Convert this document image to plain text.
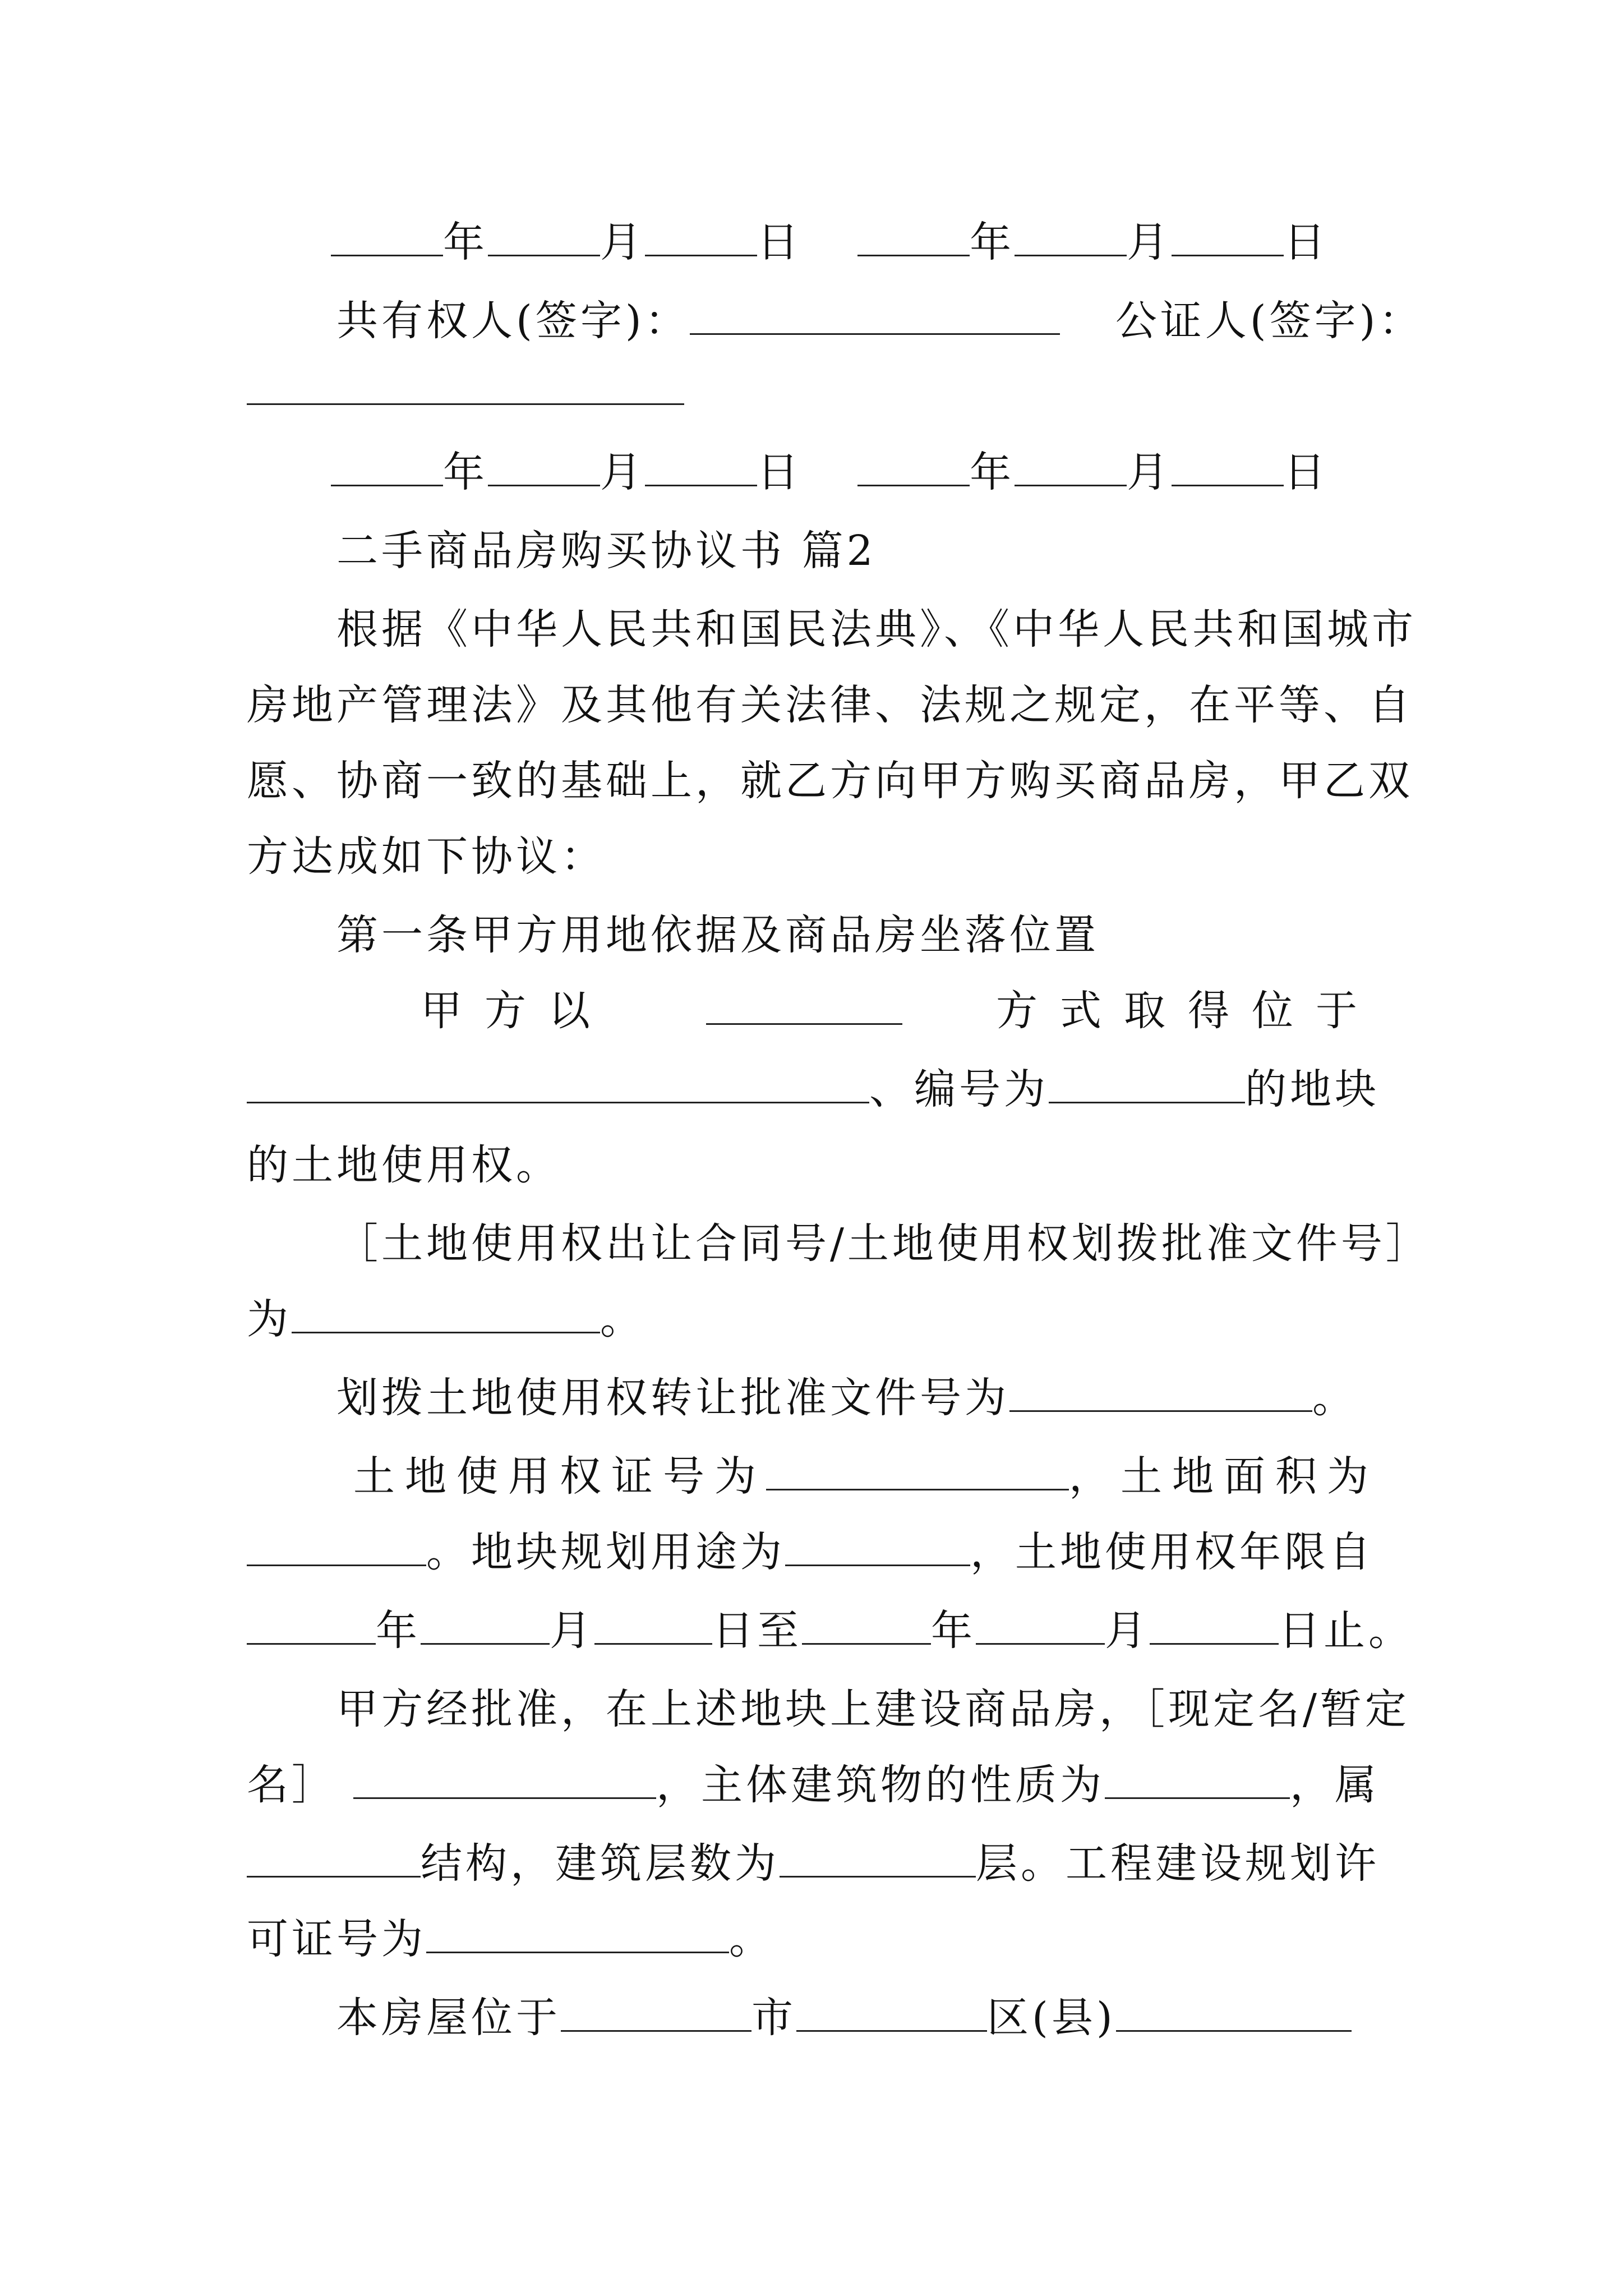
年	月	日	年	月	日
共有权人(签字)：	公证人(签字)：
年	月	日	年	月	日
二手商品房购买协议书 篇2
根据《中华人民共和国民法典》、《中华人民共和国城市
房地产管理法》及其他有关法律、法规之规定，在平等、自
愿、协商一致的基础上，就乙方向甲方购买商品房，甲乙双
方达成如下协议：
第一条甲方用地依据及商品房坐落位置
甲方以	方式取得位于
、编号为	的地块
的土地使用权。
［土地使用权出让合同号/土地使用权划拨批准文件号］
为	。
划拨土地使用权转让批准文件号为	。
土地使用权证号为	，土地面积为
。地块规划用途为	，土地使用权年限自
年	月	日至	年	月	日止。
甲方经批准，在上述地块上建设商品房，［现定名/暂定
名］	，主体建筑物的性质为	，属
结构，建筑层数为	层。工程建设规划许
可证号为	。
本房屋位于	市	区(县)
